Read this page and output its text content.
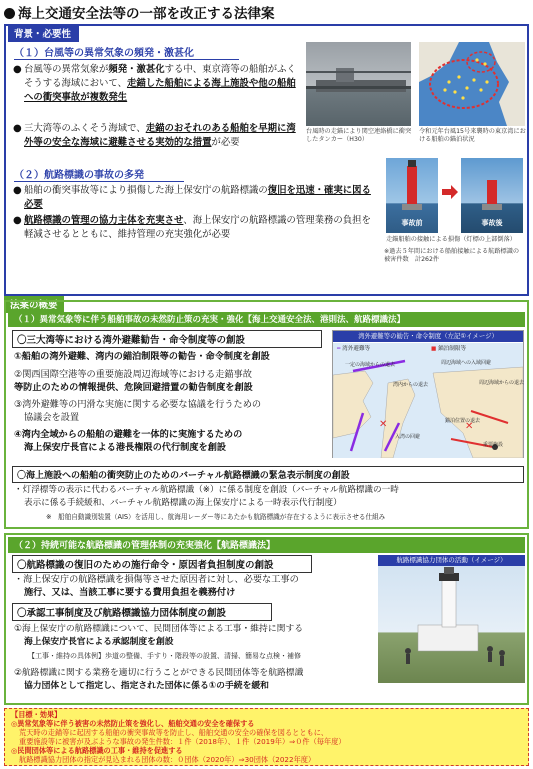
海上交通安全法等の一部を改正する法律案
背景・必要性
（１）台風等の異常気象の頻発・激甚化
● 台風等の異常気象が頻発・激甚化する中、東京湾等の船舶がふくそうする海域において、走錨した船舶による海上施設や他の船舶への衝突事故が複数発生
● 三大湾等のふくそう海域で、走錨のおそれのある船舶を早期に湾外等の安全な海域に避難させる実効的な措置が必要
台風時の走錨により関空連絡橋に衝突したタンカー（H30）
令和元年台風15号来襲時の東京湾における船舶の錨泊状況
（２）航路標識の事故の多発
● 船舶の衝突事故等により損傷した海上保安庁の航路標識の復旧を迅速・確実に図る必要
● 航路標識の管理の協力主体を充実させ、海上保安庁の航路標識の管理業務の負担を軽減させるとともに、維持管理の充実強化が必要
事故前	事故後
走錨船舶の接触による損傷（灯標の上部倒落）
※過去５年間における船舶接触による航路標識の被害件数　計262件
法案の概要
（１）異常気象等に伴う船舶事故の未然防止策の充実・強化【海上交通安全法、港則法、航路標識法】
〇三大湾等における湾外避難勧告・命令制度等の創設
①船舶の湾外避難、湾内の錨泊制限等の勧告・命令制度を創設
②関西国際空港等の重要施設周辺海域等における走錨事故
等防止のための情報提供、危険回避措置の勧告制度を創設
③湾外避難等の円滑な実施に関する必要な協議を行うための
協議会を設置
④湾内全域からの船舶の避難を一体的に実施するための
海上保安庁長官による港長権限の代行制度を創設
湾外避難等の勧告・命令制度（左記①イメージ）
✕	✕
━ 湾外避難等	■ 錨泊制限等
一定の海域からの退去
湾内からの退去
入湾の回避
周辺海域への入域回避
周辺海域からの退去
錨泊位置の退去
重要施設
〇海上施設への船舶の衝突防止のためのバーチャル航路標識の緊急表示制度の創設
・灯浮標等の表示に代わるバーチャル航路標識（※）に係る制度を創設（バーチャル航路標識の一時
表示に係る手続緩和、バーチャル航路標識の海上保安庁による一時表示代行制度）
※　船舶自動識別装置（AIS）を活用し、航海用レーダー等にあたかも航路標識が存在するように表示させる仕組み
（２）持続可能な航路標識の管理体制の充実強化【航路標識法】
〇航路標識の復旧のための施行命令・原因者負担制度の創設
・海上保安庁の航路標識を損傷等させた原因者に対し、必要な工事の
施行、又は、当該工事に要する費用負担を義務付け
〇承認工事制度及び航路標識協力団体制度の創設
①海上保安庁の航路標識について、民間団体等による工事・維持に関する
海上保安庁長官による承認制度を創設
【工事・維持の具体例】歩道の整備、手すり・階段等の設置、清掃、簡易な点検・補修
②航路標識に関する業務を適切に行うことができる民間団体等を航路標識
協力団体として指定し、指定された団体に係る①の手続を緩和
航路標識協力団体の活動（イメージ）
【目標・効果】
◎異常気象等に伴う被害の未然防止策を強化し、船舶交通の安全を確保する
荒天時の走錨等に起因する船舶の衝突事故等を防止し、船舶交通の安全の確保を図るとともに、
重要施設等に被害が及ぶような事故の発生件数：１件（2018年）、１件（2019年）⇒０件（毎年度）
◎民間団体等による航路標識の工事・維持を促進する
航路標識協力団体の指定が見込まれる団体の数：０団体（2020年）⇒30団体（2022年度）
